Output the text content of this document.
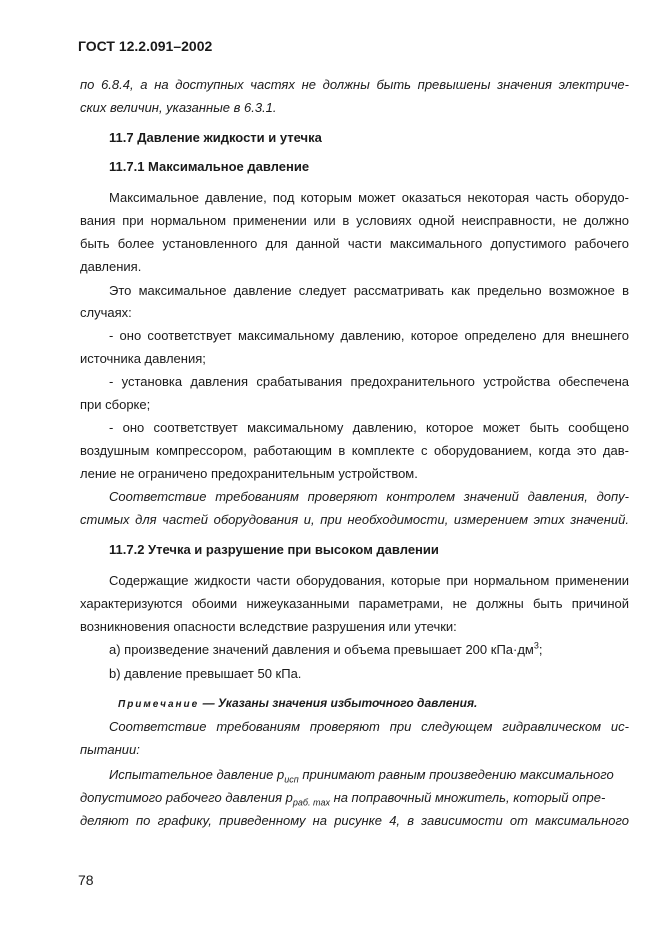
ГОСТ 12.2.091–2002
по 6.8.4, а на доступных частях не должны быть превышены значения электриче-
ских величин, указанные в 6.3.1.
11.7 Давление жидкости и утечка
11.7.1 Максимальное давление
Максимальное давление, под которым может оказаться некоторая часть оборудо-
вания при нормальном применении или в условиях одной неисправности, не должно
быть более установленного для данной части максимального допустимого рабочего
давления.
Это максимальное давление следует рассматривать как предельно возможное в
случаях:
- оно соответствует максимальному давлению, которое определено для внешнего
источника давления;
- установка давления срабатывания предохранительного устройства обеспечена
при сборке;
- оно соответствует максимальному давлению, которое может быть сообщено
воздушным компрессором, работающим в комплекте с оборудованием, когда это дав-
ление не ограничено предохранительным устройством.
Соответствие требованиям проверяют контролем значений давления, допу-
стимых для частей оборудования и, при необходимости, измерением этих значений.
11.7.2 Утечка и разрушение при высоком давлении
Содержащие жидкости части оборудования, которые при нормальном применении
характеризуются обоими нижеуказанными параметрами, не должны быть причиной
возникновения опасности вследствие разрушения или утечки:
a) произведение значений давления и объема превышает 200 $кПа\cdot дм^3$;
b) давление превышает 50 кПа.
Примечание — Указаны значения избыточного давления.
Соответствие требованиям проверяют при следующем гидравлическом ис-
пытании:
Испытательное давление $p_{исп}$ принимают равным произведению максимального
допустимого рабочего давления $p_{раб. max}$ на поправочный множитель, который опре-
деляют по графику, приведенному на рисунке 4, в зависимости от максимального
78
